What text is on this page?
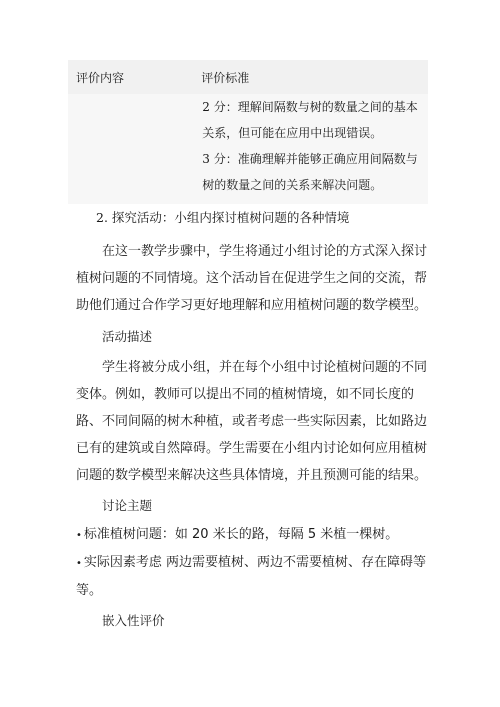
评价内容	评价标准

	2 分：理解间隔数与树的数量之间的基本
关系，但可能在应用中出现错误。
3 分：准确理解并能够正确应用间隔数与
树的数量之间的关系来解决问题。

2. 探究活动：小组内探讨植树问题的各种情境

在这一教学步骤中，学生将通过小组讨论的方式深入探讨植树问题的不同情境。这个活动旨在促进学生之间的交流，帮助他们通过合作学习更好地理解和应用植树问题的数学模型。

活动描述

学生将被分成小组，并在每个小组中讨论植树问题的不同变体。例如，教师可以提出不同的植树情境，如不同长度的路、不同间隔的树木种植，或者考虑一些实际因素，比如路边已有的建筑或自然障碍。学生需要在小组内讨论如何应用植树问题的数学模型来解决这些具体情境，并且预测可能的结果。

讨论主题

• 标准植树问题：如 20 米长的路，每隔 5 米植一棵树。

• 实际因素考虑 两边需要植树、两边不需要植树、存在障碍等等。

嵌入性评价
